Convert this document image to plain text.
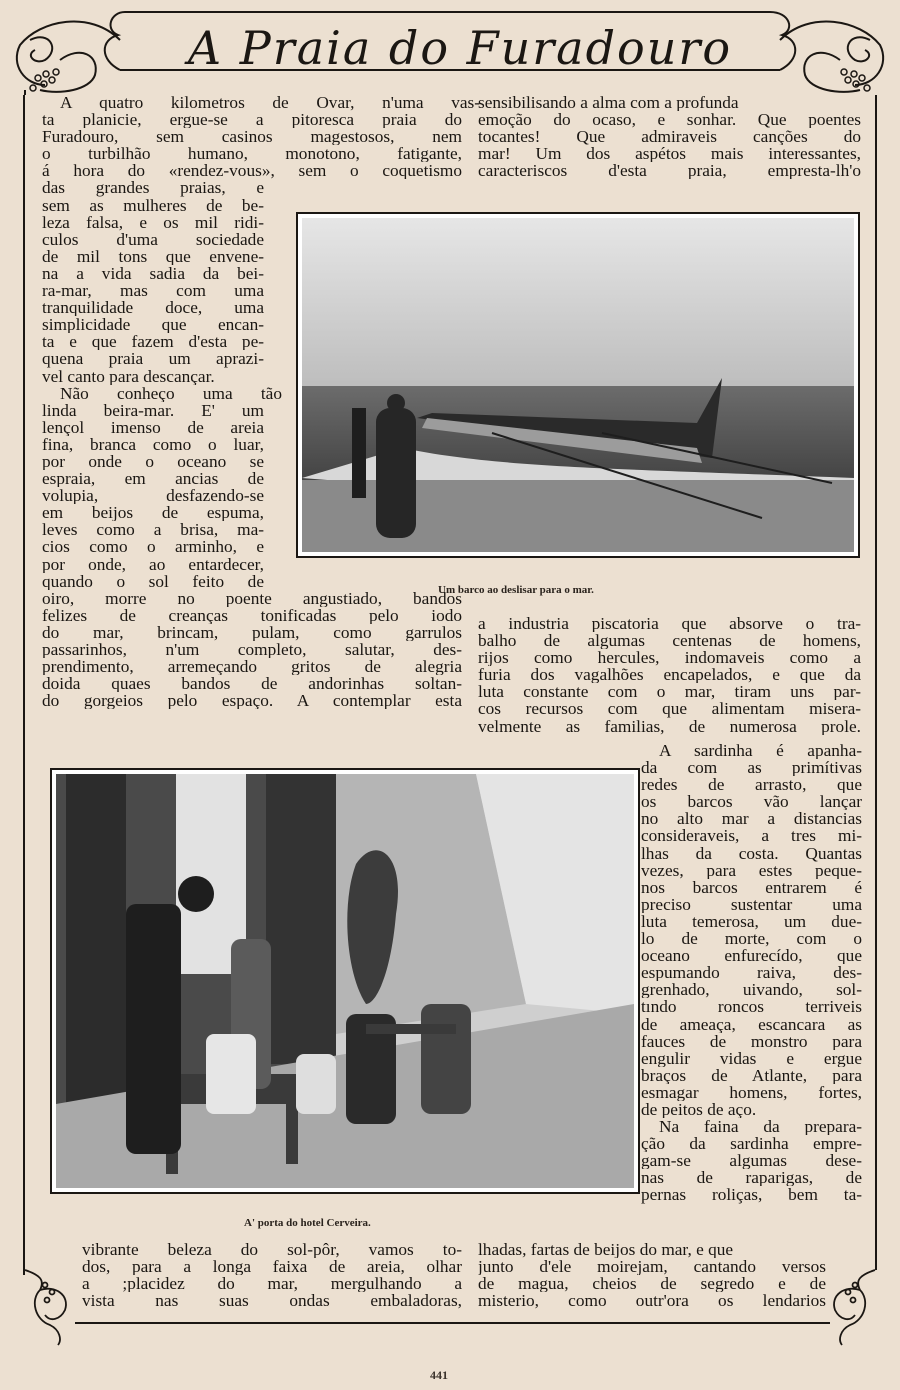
A Praia do Furadouro
A quatro kilometros de Ovar, n'uma vas-
ta planicie, ergue-se a pitoresca praia do
Furadouro, sem casinos magestosos, nem
o turbilhão humano, monotono, fatigante,
á hora do «rendez-vous», sem o coquetismo
das grandes praias, e
sem as mulheres de be-
leza falsa, e os mil ridi-
culos d'uma sociedade
de mil tons que envene-
na a vida sadia da bei-
ra-mar, mas com uma
tranquilidade doce, uma
simplicidade que encan-
ta e que fazem d'esta pe-
quena praia um aprazi-
vel canto para descançar.
Não conheço uma tão
linda beira-mar. E' um
lençol imenso de areia
fina, branca como o luar,
por onde o oceano se
espraia, em ancias de
volupia, desfazendo-se
em beijos de espuma,
leves como a brisa, ma-
cios como o arminho, e
por onde, ao entardecer,
quando o sol feito de
oiro, morre no poente angustiado, bandos
felizes de creanças tonificadas pelo iodo
do mar, brincam, pulam, como garrulos
passarinhos, n'um completo, salutar, des-
prendimento, arremeçando gritos de alegria
doida quaes bandos de andorinhas soltan-
do gorgeios pelo espaço. A contemplar esta
sensibilisando a alma com a profunda
emoção do ocaso, e sonhar. Que poentes
tocantes! Que admiraveis canções do
mar! Um dos aspétos mais interessantes,
caracteriscos d'esta praia, empresta-lh'o
Um barco ao deslisar para o mar.
a industria piscatoria que absorve o tra-
balho de algumas centenas de homens,
rijos como hercules, indomaveis como a
furia dos vagalhões encapelados, e que da
luta constante com o mar, tiram uns par-
cos recursos com que alimentam misera-
velmente as familias, de numerosa prole.
A' porta do hotel Cerveira.
A sardinha é apanha-
da com as primítivas
redes de arrasto, que
os barcos vão lançar
no alto mar a distancias
consideraveis, a tres mi-
lhas da costa. Quantas
vezes, para estes peque-
nos barcos entrarem é
preciso sustentar uma
luta temerosa, um due-
lo de morte, com o
oceano enfurecído, que
espumando raiva, des-
grenhado, uivando, sol-
tındo roncos terriveis
de ameaça, escancara as
fauces de monstro para
engulir vidas e ergue
braços de Atlante, para
esmagar homens, fortes,
de peitos de aço.
Na faina da prepara-
ção da sardinha empre-
gam-se algumas dese-
nas de raparigas, de
pernas roliças, bem ta-
vibrante beleza do sol-pôr, vamos to-
dos, para a longa faixa de areia, olhar
a ;placidez do mar, mergulhando a
vista nas suas ondas embaladoras,
lhadas, fartas de beijos do mar, e que
junto d'ele moirejam, cantando versos
de magua, cheios de segredo e de
misterio, como outr'ora os lendarios
441
